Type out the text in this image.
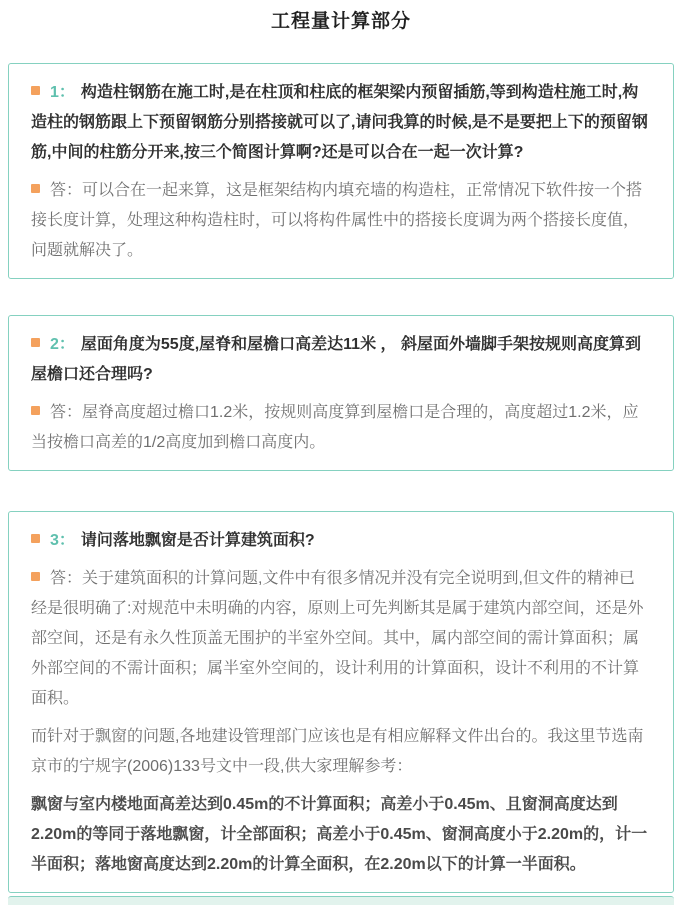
工程量计算部分

1： 构造柱钢筋在施工时,是在柱顶和柱底的框架梁内预留插筋,等到构造柱施工时,构造柱的钢筋跟上下预留钢筋分别搭接就可以了,请问我算的时候,是不是要把上下的预留钢筋,中间的柱筋分开来,按三个简图计算啊?还是可以合在一起一次计算?

答：可以合在一起来算，这是框架结构内填充墙的构造柱，正常情况下软件按一个搭接长度计算，处理这种构造柱时，可以将构件属性中的搭接长度调为两个搭接长度值，问题就解决了。

2： 屋面角度为55度,屋脊和屋檐口高差达11米 ， 斜屋面外墙脚手架按规则高度算到屋檐口还合理吗?

答：屋脊高度超过檐口1.2米，按规则高度算到屋檐口是合理的，高度超过1.2米，应当按檐口高差的1/2高度加到檐口高度内。

3： 请问落地飘窗是否计算建筑面积?

答：关于建筑面积的计算问题,文件中有很多情况并没有完全说明到,但文件的精神已经是很明确了:对规范中未明确的内容，原则上可先判断其是属于建筑内部空间，还是外部空间，还是有永久性顶盖无围护的半室外空间。其中，属内部空间的需计算面积；属外部空间的不需计面积；属半室外空间的，设计利用的计算面积，设计不利用的不计算面积。

而针对于飘窗的问题,各地建设管理部门应该也是有相应解释文件出台的。我这里节选南京市的宁规字(2006)133号文中一段,供大家理解参考：

飘窗与室内楼地面高差达到0.45m的不计算面积；高差小于0.45m、且窗洞高度达到2.20m的等同于落地飘窗，计全部面积；高差小于0.45m、窗洞高度小于2.20m的，计一半面积；落地窗高度达到2.20m的计算全面积，在2.20m以下的计算一半面积。
